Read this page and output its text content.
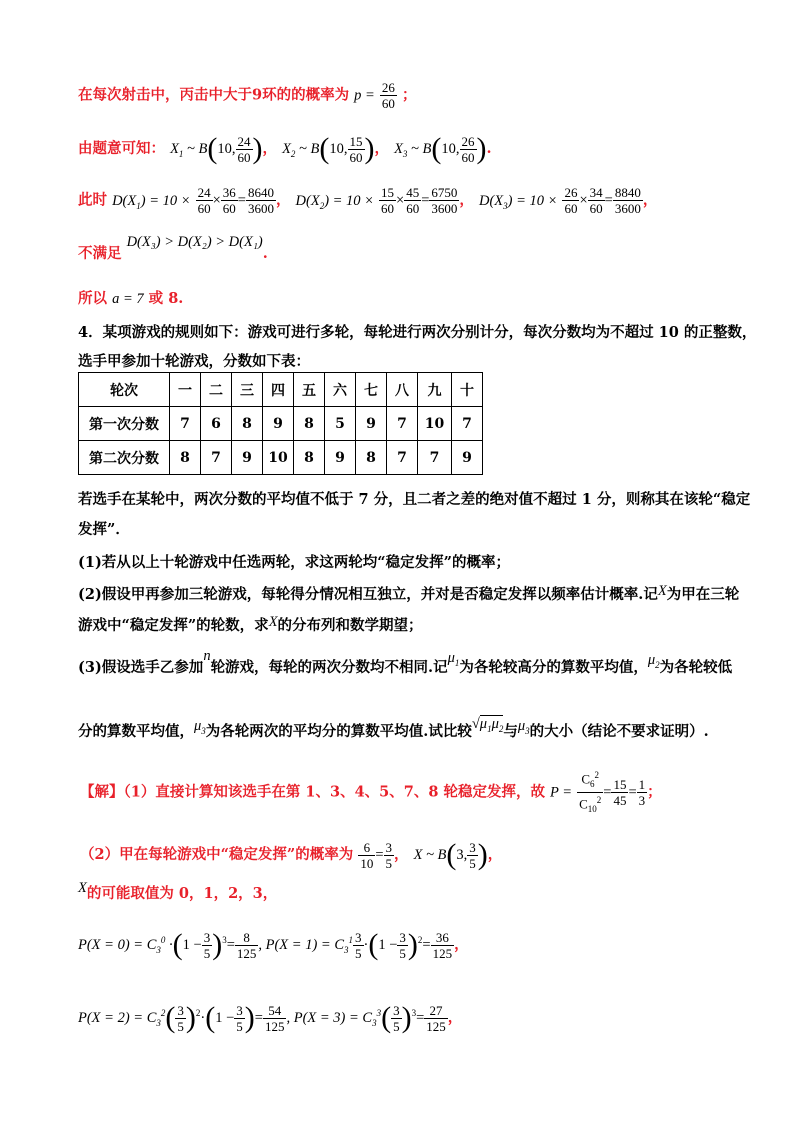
在每次射击中，丙击中大于9环的的概率为 $p = \frac{26}{60}$ ；
由题意可知： $X_1$ ~ B(10, $\frac{24}{60}$ )， $X_2$ ~ B(10, $\frac{15}{60}$ )， $X_3$ ~ B(10, $\frac{26}{60}$ ).
此时 $D(X_1) = 10 \times \frac{24}{60} \times \frac{36}{60} = \frac{8640}{3600}$ ， $D(X_2) = 10 \times \frac{15}{60} \times \frac{45}{60} = \frac{6750}{3600}$ ， $D(X_3) = 10 \times \frac{26}{60} \times \frac{34}{60} = \frac{8840}{3600}$ ，
不满足 D(X₃) > D(X₂) > D(X₁).
所以 a = 7 或 8.
4．某项游戏的规则如下：游戏可进行多轮，每轮进行两次分别计分，每次分数均为不超过 10 的正整数，
选手甲参加十轮游戏，分数如下表：
轮次	一	二	三	四	五	六	七	八	九	十
第一次分数	7	6	8	9	8	5	9	7	10	7
第二次分数	8	7	9	10	8	9	8	7	7	9
若选手在某轮中，两次分数的平均值不低于 7 分，且二者之差的绝对值不超过 1 分，则称其在该轮“稳定
发挥”．
(1)若从以上十轮游戏中任选两轮，求这两轮均“稳定发挥”的概率；
(2)假设甲再参加三轮游戏，每轮得分情况相互独立，并对是否稳定发挥以频率估计概率.记X为甲在三轮
游戏中“稳定发挥”的轮数，求X的分布列和数学期望；
(3)假设选手乙参加n轮游戏，每轮的两次分数均不相同.记$\mu_1$为各轮较高分的算数平均值，$\mu_2$为各轮较低
分的算数平均值，$\mu_3$为各轮两次的平均分的算数平均值.试比较$√\mu_1\mu_2$与$\mu_3$的大小（结论不要求证明）.
【解】（1）直接计算知该选手在第 1、3、4、5、7、8 轮稳定发挥，故 $P = \frac{C_6^2}{C_{10}^2} = \frac{15}{45} = \frac{1}{3}$ ；
（2）甲在每轮游戏中“稳定发挥”的概率为 $\frac{6}{10} = \frac{3}{5}$ ， X ~ B(3, $\frac{3}{5}$ )，
X的可能取值为 0，1，2，3，
$P(X = 0) = C_3^0 \cdot(1 - \frac{3}{5} )^3= \frac{8}{125}$ , $P(X = 1) = C_3^1 \frac{3}{5} \cdot(1 - \frac{3}{5} )^2= \frac{36}{125}$ ，
$P(X = 2) = C_3^2( \frac{3}{5} )^2\cdot(1 - \frac{3}{5}$ )= $\frac{54}{125}$ , $P(X = 3) = C_3^3( \frac{3}{5} )^3= \frac{27}{125}$ ，
